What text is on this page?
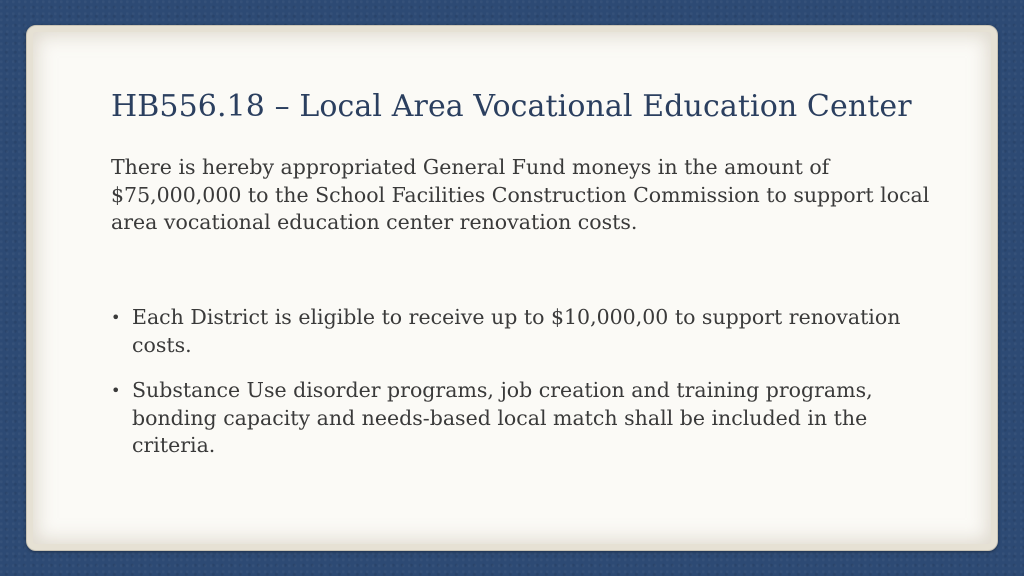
HB556.18 – Local Area Vocational Education Center

There is hereby appropriated General Fund moneys in the amount of $75,000,000 to the School Facilities Construction Commission to support local area vocational education center renovation costs.

• Each District is eligible to receive up to $10,000,00 to support renovation costs.
• Substance Use disorder programs, job creation and training programs, bonding capacity and needs-based local match shall be included in the criteria.
